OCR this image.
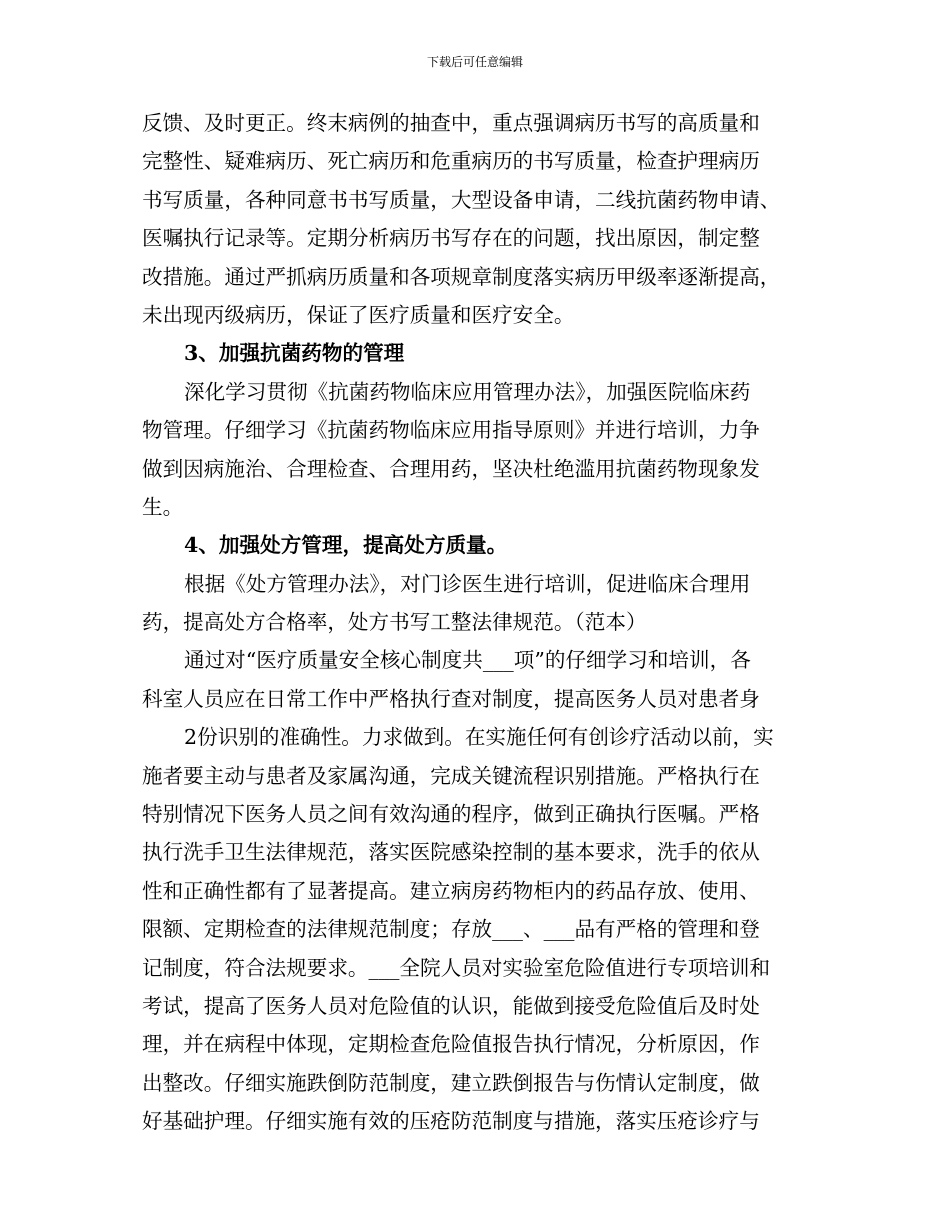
下载后可任意编辑
反馈、及时更正。终末病例的抽查中，重点强调病历书写的高质量和
完整性、疑难病历、死亡病历和危重病历的书写质量，检查护理病历
书写质量，各种同意书书写质量，大型设备申请，二线抗菌药物申请、
医嘱执行记录等。定期分析病历书写存在的问题，找出原因，制定整
改措施。通过严抓病历质量和各项规章制度落实病历甲级率逐渐提高，
未出现丙级病历，保证了医疗质量和医疗安全。
3、加强抗菌药物的管理
深化学习贯彻《抗菌药物临床应用管理办法》，加强医院临床药
物管理。仔细学习《抗菌药物临床应用指导原则》并进行培训，力争
做到因病施治、合理检查、合理用药，坚决杜绝滥用抗菌药物现象发
生。
4、加强处方管理，提高处方质量。
根据《处方管理办法》，对门诊医生进行培训，促进临床合理用
药，提高处方合格率，处方书写工整法律规范。（范本）
通过对“医疗质量安全核心制度共___项”的仔细学习和培训，各
科室人员应在日常工作中严格执行查对制度，提高医务人员对患者身
2份识别的准确性。力求做到。在实施任何有创诊疗活动以前，实
施者要主动与患者及家属沟通，完成关键流程识别措施。严格执行在
特别情况下医务人员之间有效沟通的程序，做到正确执行医嘱。严格
执行洗手卫生法律规范，落实医院感染控制的基本要求，洗手的依从
性和正确性都有了显著提高。建立病房药物柜内的药品存放、使用、
限额、定期检查的法律规范制度；存放___、___品有严格的管理和登
记制度，符合法规要求。___全院人员对实验室危险值进行专项培训和
考试，提高了医务人员对危险值的认识，能做到接受危险值后及时处
理，并在病程中体现，定期检查危险值报告执行情况，分析原因，作
出整改。仔细实施跌倒防范制度，建立跌倒报告与伤情认定制度，做
好基础护理。仔细实施有效的压疮防范制度与措施，落实压疮诊疗与
